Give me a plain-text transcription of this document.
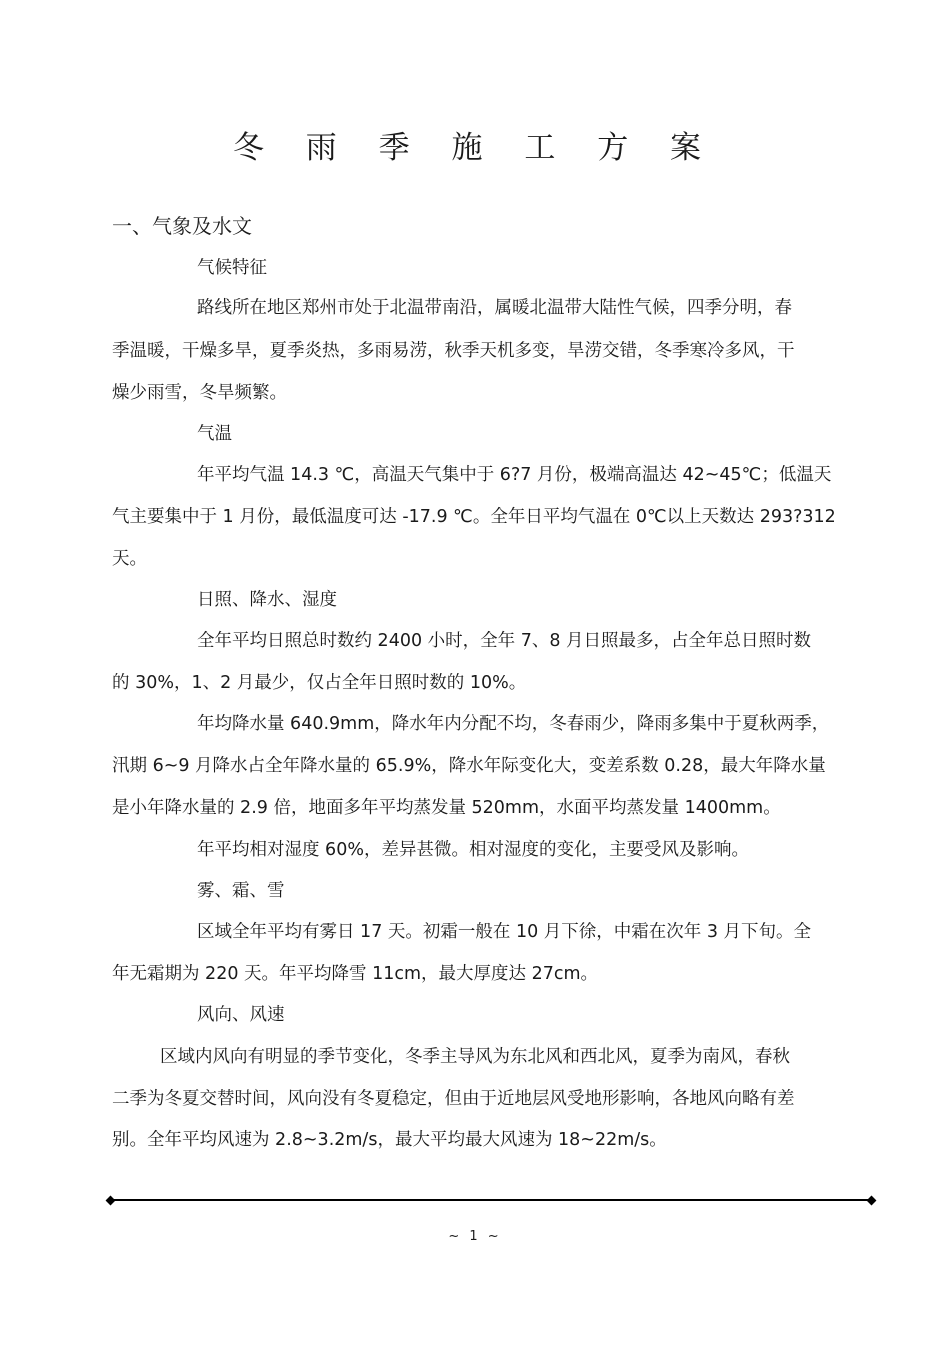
冬 雨 季 施 工 方 案
一、气象及水文
气候特征
路线所在地区郑州市处于北温带南沿，属暖北温带大陆性气候，四季分明，春
季温暖，干燥多旱，夏季炎热，多雨易涝，秋季天机多变，旱涝交错，冬季寒冷多风，干
燥少雨雪，冬旱频繁。
气温
年平均气温 14.3 ℃，高温天气集中于 6?7 月份，极端高温达 42~45℃；低温天
气主要集中于 1 月份，最低温度可达 -17.9 ℃。全年日平均气温在 0℃以上天数达 293?312
天。
日照、降水、湿度
全年平均日照总时数约 2400 小时，全年 7、8 月日照最多，占全年总日照时数
的 30%，1、2 月最少，仅占全年日照时数的 10%。
年均降水量 640.9mm，降水年内分配不均，冬春雨少，降雨多集中于夏秋两季，
汛期 6~9 月降水占全年降水量的 65.9%，降水年际变化大，变差系数 0.28，最大年降水量
是小年降水量的 2.9 倍，地面多年平均蒸发量 520mm，水面平均蒸发量 1400mm。
年平均相对湿度 60%，差异甚微。相对湿度的变化，主要受风及影响。
雾、霜、雪
区域全年平均有雾日 17 天。初霜一般在 10 月下徐，中霜在次年 3 月下旬。全
年无霜期为 220 天。年平均降雪 11cm，最大厚度达 27cm。
风向、风速
区域内风向有明显的季节变化，冬季主导风为东北风和西北风，夏季为南风，春秋
二季为冬夏交替时间，风向没有冬夏稳定，但由于近地层风受地形影响，各地风向略有差
别。全年平均风速为 2.8~3.2m/s，最大平均最大风速为 18~22m/s。
~ 1 ~
